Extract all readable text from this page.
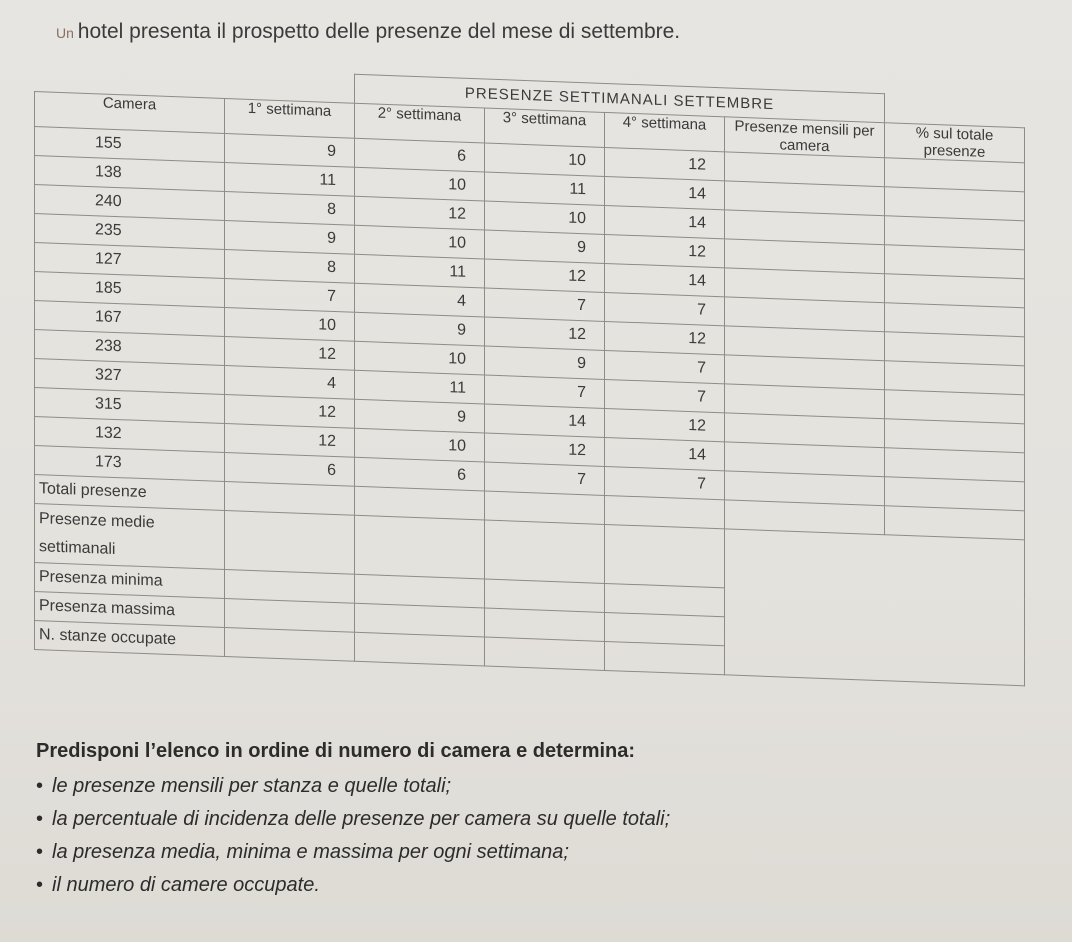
Un hotel presenta il prospetto delle presenze del mese di settembre.
		PRESENZE SETTIMANALI SETTEMBRE				
Camera	1° settimana	2° settimana	3° settimana	4° settimana	Presenze mensili per camera	% sul totale presenze
155	9	6	10	12		
138	11	10	11	14		
240	8	12	10	14		
235	9	10	9	12		
127	8	11	12	14		
185	7	4	7	7		
167	10	9	12	12		
238	12	10	9	7		
327	4	11	7	7		
315	12	9	14	12		
132	12	10	12	14		
173	6	6	7	7		
Totali presenze						

Presenze medie
settimanali						

Presenza minima						
Presenza massima						
N. stanze occupate						

Predisponi l’elenco in ordine di numero di camera e determina:

• le presenze mensili per stanza e quelle totali;
• la percentuale di incidenza delle presenze per camera su quelle totali;
• la presenza media, minima e massima per ogni settimana;
• il numero di camere occupate.
